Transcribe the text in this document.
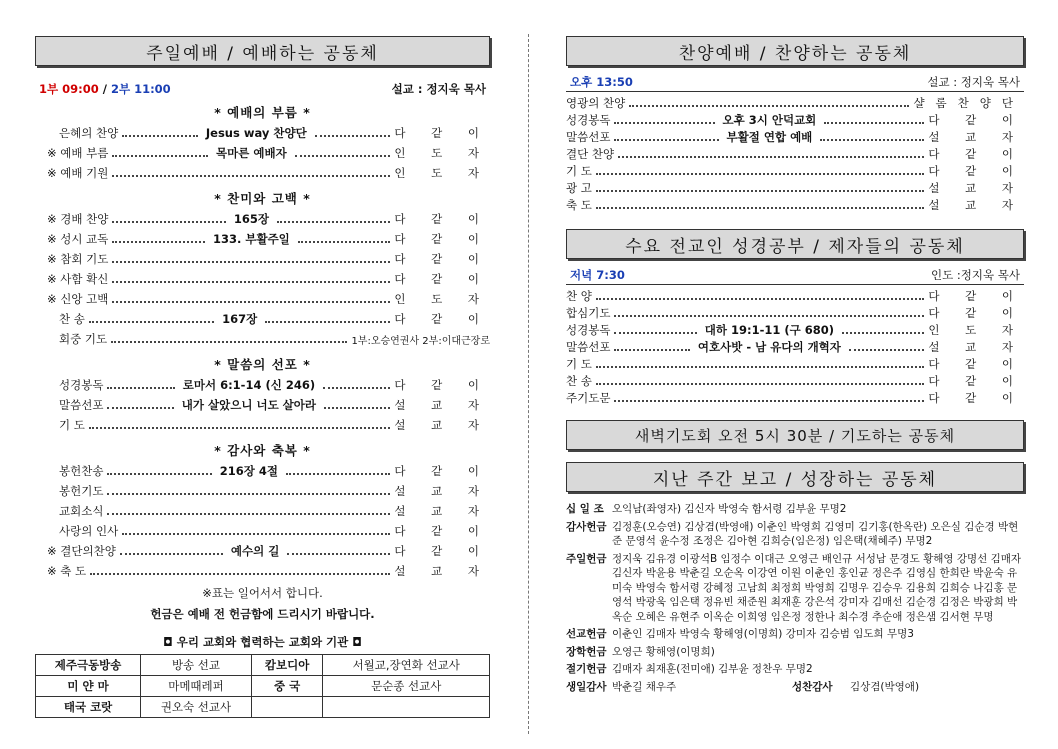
주일예배 / 예배하는 공동체
1부 09:00 / 2부 11:00	설교 : 정지욱 목사
* 예배의 부름 *
은혜의 찬양	Jesus way 찬양단	다 같 이
※ 예배 부름	목마른 예배자	인 도 자
※ 예배 기원	인 도 자
* 찬미와 고백 *
※ 경배 찬양	165장	다 같 이
※ 성시 교독	133. 부활주일	다 같 이
※ 참회 기도	다 같 이
※ 사함 확신	다 같 이
※ 신앙 고백	인 도 자
찬 송	167장	다 같 이
회중 기도	1부:오승연권사 2부:이대근장로
* 말씀의 선포 *
성경봉독	로마서 6:1-14 (신 246)	다 같 이
말씀선포	내가 살았으니 너도 살아라	설 교 자
기 도	설 교 자
* 감사와 축복 *
봉헌찬송	216장 4절	다 같 이
봉헌기도	설 교 자
교회소식	설 교 자
사랑의 인사	다 같 이
※ 결단의찬양	예수의 길	다 같 이
※ 축 도	설 교 자
※표는 일어서서 합니다.
헌금은 예배 전 헌금함에 드리시기 바랍니다.
◘ 우리 교회와 협력하는 교회와 기관 ◘
제주극동방송	방송 선교	캄보디아	서월교,장연화 선교사
미 얀 마	마메때레퍼	중 국	문순종 선교사
태국 코랏	권오숙 선교사		
찬양예배 / 찬양하는 공동체
오후 13:50	설교 : 정지욱 목사
영광의 찬양	샬롬찬양단
성경봉독	오후 3시 안덕교회	다 같 이
말씀선포	부활절 연합 예배	설 교 자
결단 찬양	다 같 이
기 도	다 같 이
광 고	설 교 자
축 도	설 교 자
수요 전교인 성경공부 / 제자들의 공동체
저녁 7:30	인도 :정지욱 목사
찬 양	다 같 이
합심기도	다 같 이
성경봉독	대하 19:1-11 (구 680)	인 도 자
말씀선포	여호사밧 - 남 유다의 개혁자	설 교 자
기 도	다 같 이
찬 송	다 같 이
주기도문	다 같 이
새벽기도회 오전 5시 30분 / 기도하는 공동체
지난 주간 보고 / 성장하는 공동체
십 일 조 오익남(좌영자) 김신자 박영숙 함서령 김부윤 무명2
감사헌금 김정훈(오승연) 김상겸(박영애) 이춘인 박영희 김영미 김기홍(한옥란) 오은실 김순경 박현준 문영석 윤수정 조정은 김아현 김희승(임은정) 임은택(채혜주) 무명2
주일헌금 정지욱 김유경 이광석B 임정수 이대근 오영근 배인규 서성남 문경도 황해영 강명선 김매자 김신자 박윤용 박춘길 오순옥 이강연 이원 이춘인 홍인균 정은주 김영심 한희란 박윤숙 유미숙 박영숙 함서령 강혜정 고남희 최정희 박영희 김명우 김승우 김용희 김희승 나김홍 문영석 박광욱 임은택 정유빈 채준원 최재훈 강은석 강미자 김매선 김순경 김정은 박광희 박옥순 오혜은 유현주 이옥순 이희영 임은정 정한나 최수경 추순애 정은샘 김서현 무명
선교헌금 이춘인 김매자 박영숙 황해영(이명희) 강미자 김승범 임도희 무명3
장학헌금 오영근 황해영(이명희)
절기헌금 김매자 최재훈(전미애) 김부윤 정찬우 무명2
생일감사 박춘길 채우주	성찬감사	김상겸(박영애)
